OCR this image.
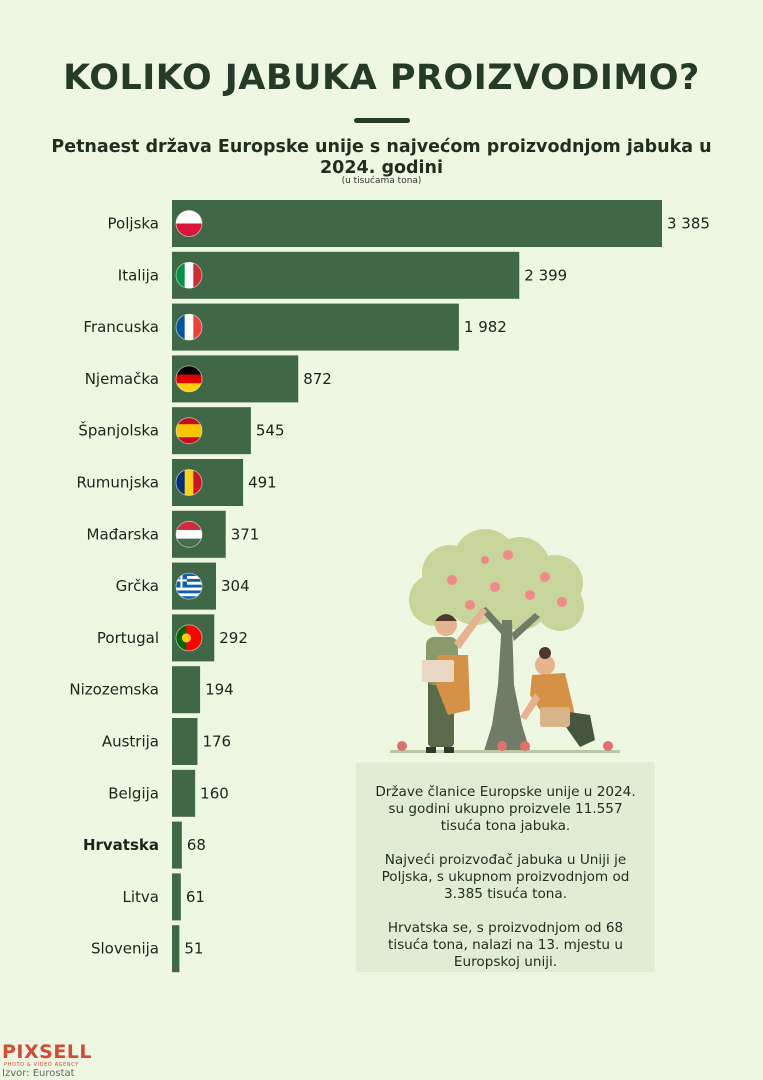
KOLIKO JABUKA PROIZVODIMO?
Petnaest država Europske unije s najvećom proizvodnjom jabuka u 2024. godini
(u tisućama tona)
Poljska	3 385
Italija	2 399
Francuska	1 982
Njemačka	872
Španjolska	545
Rumunjska	491
Mađarska	371
Grčka	304
Portugal	292
Nizozemska	194
Austrija	176
Belgija	160
Hrvatska 68
Litva 61
Slovenija 51

Države članice Europske unije u 2024. su godini ukupno proizvele 11.557 tisuća tona jabuka.

Najveći proizvođač jabuka u Uniji je Poljska, s ukupnom proizvodnjom od 3.385 tisuća tona.

Hrvatska se, s proizvodnjom od 68 tisuća tona, nalazi na 13. mjestu u Europskoj uniji.

PIXSELL
PHOTO & VIDEO AGENCY
Izvor: Eurostat
